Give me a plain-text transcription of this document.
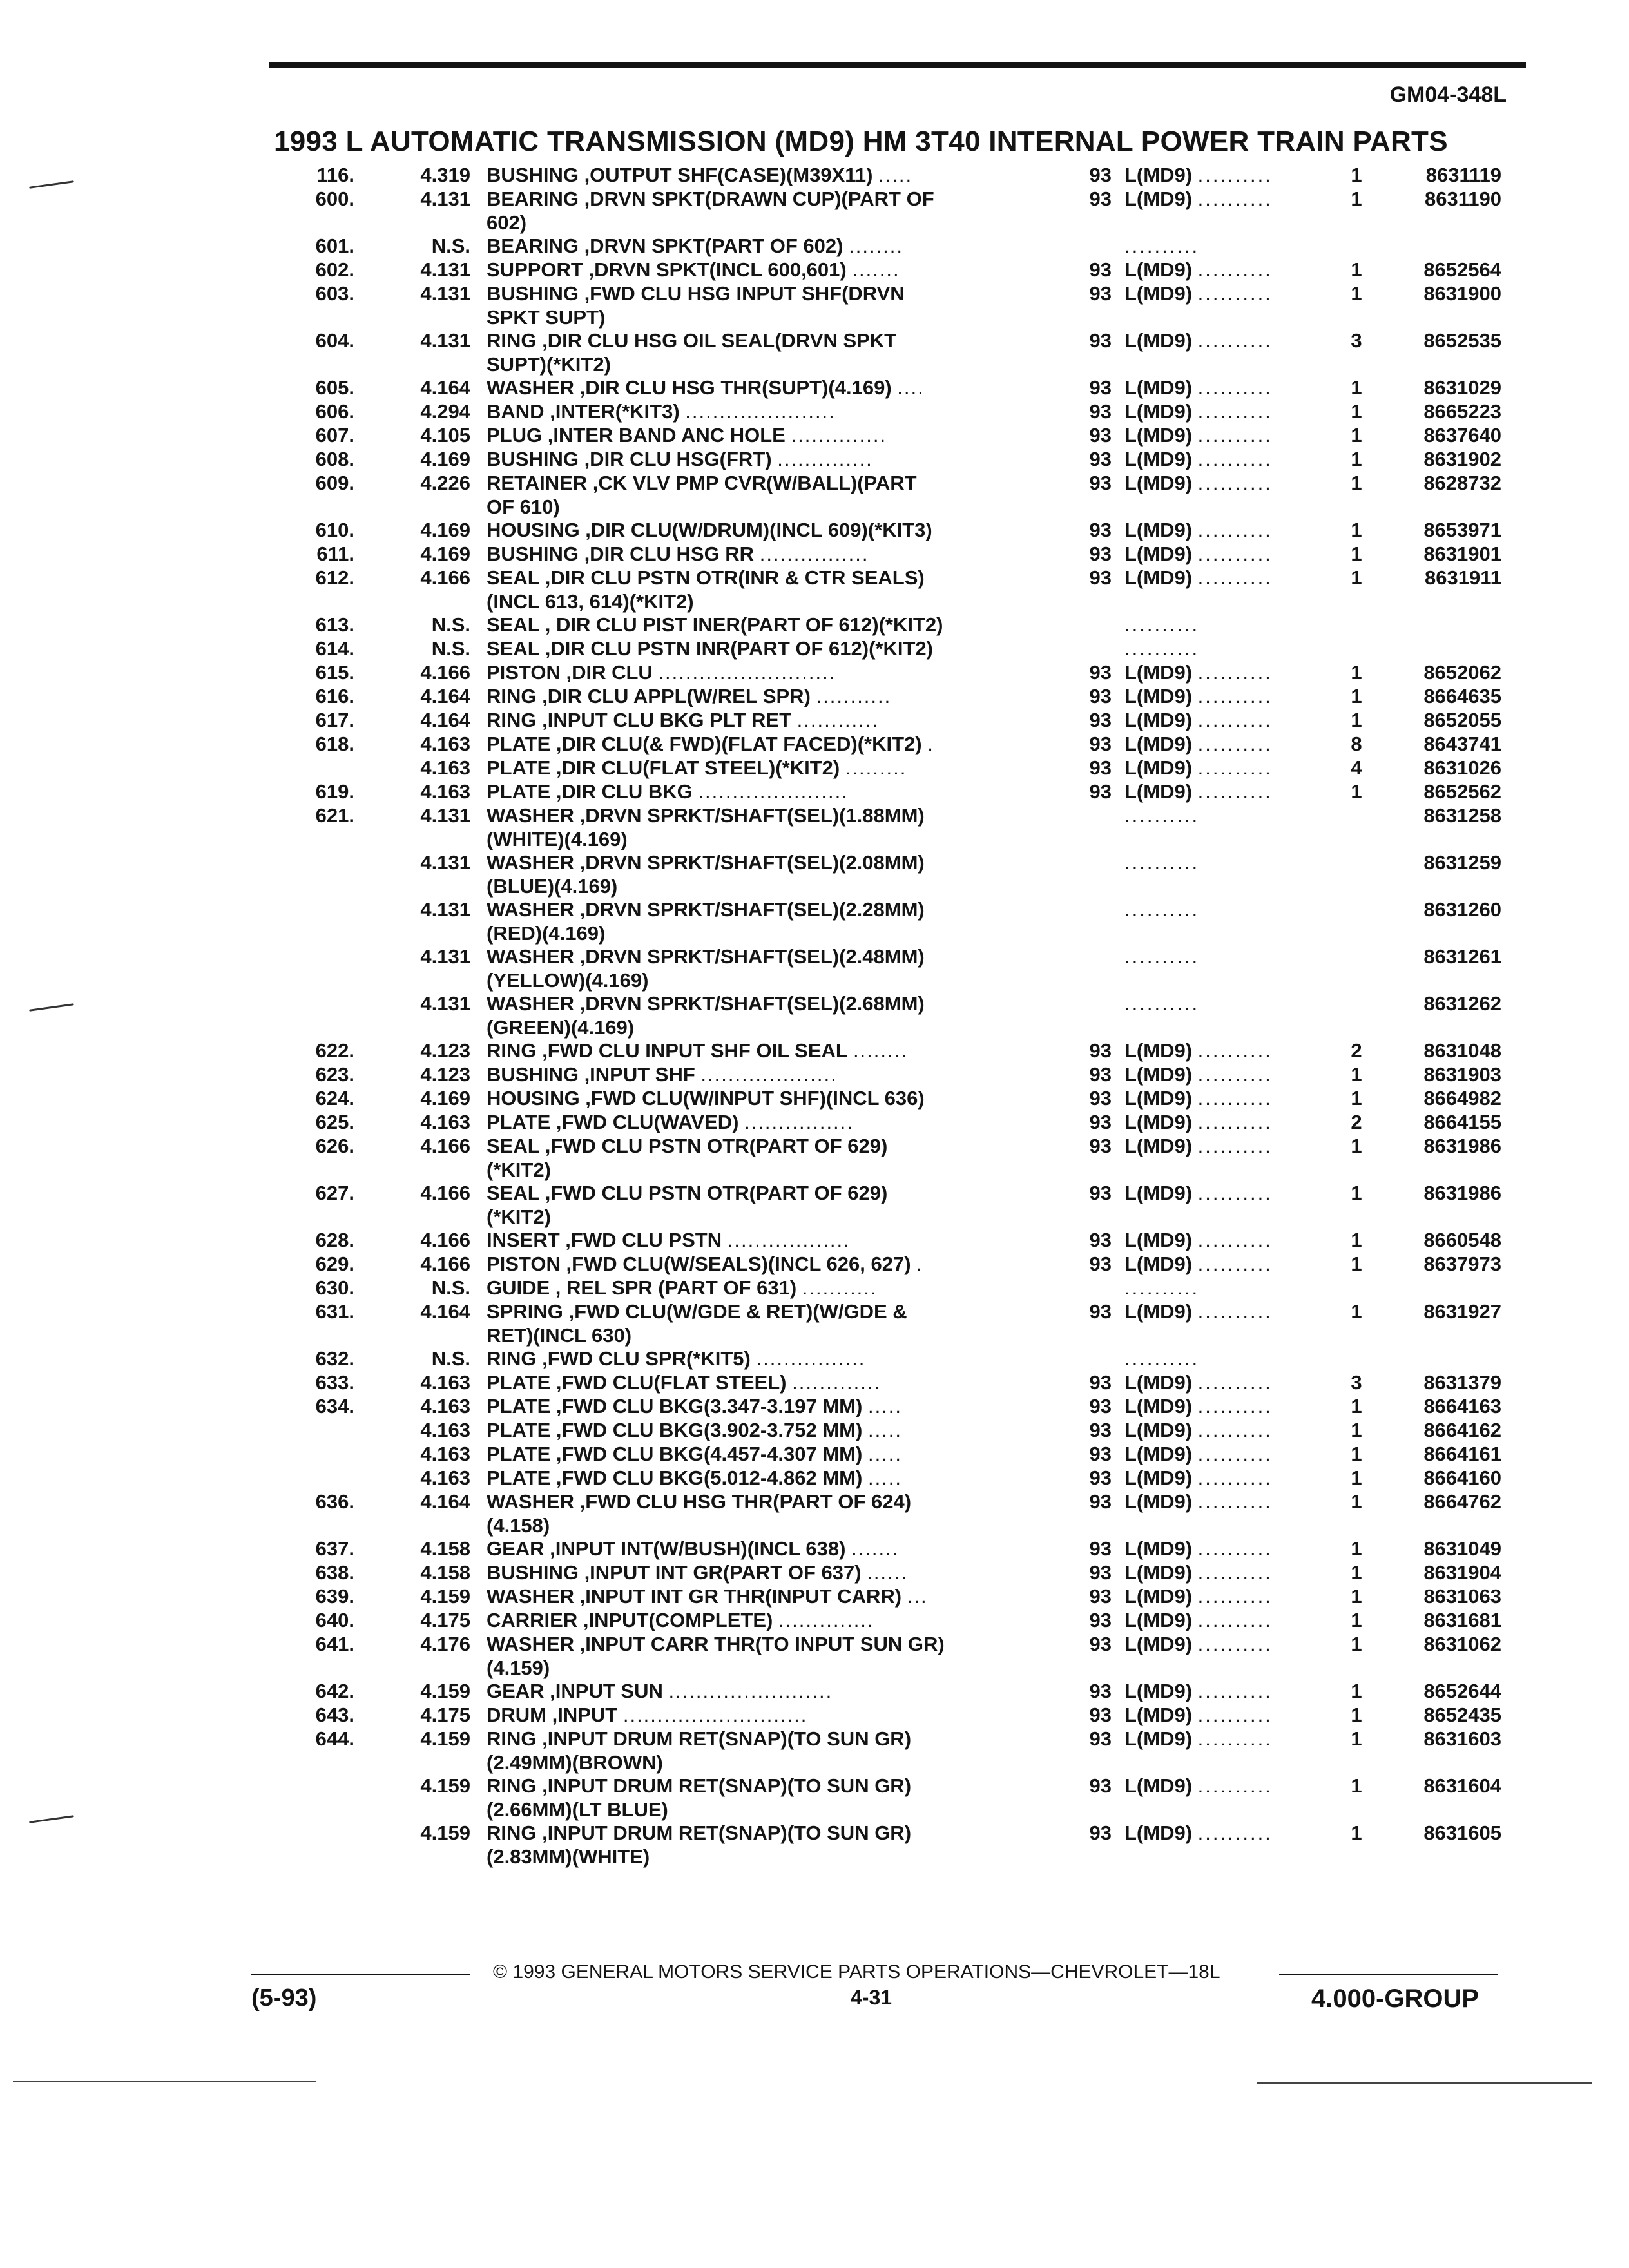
GM04-348L
1993 L AUTOMATIC TRANSMISSION (MD9) HM 3T40 INTERNAL POWER TRAIN PARTS
116.	4.319 BUSHING ,OUTPUT SHF(CASE)(M39X11) .....	93 L(MD9) ..........	1	8631119
600.	4.131 BEARING ,DRVN SPKT(DRAWN CUP)(PART OF	93 L(MD9) ..........	1	8631190
602)
601.	N.S. BEARING ,DRVN SPKT(PART OF 602) ........	..........
602.	4.131 SUPPORT ,DRVN SPKT(INCL 600,601) .......	93 L(MD9) ..........	1	8652564
603.	4.131 BUSHING ,FWD CLU HSG INPUT SHF(DRVN	93 L(MD9) ..........	1	8631900
SPKT SUPT)
604.	4.131 RING ,DIR CLU HSG OIL SEAL(DRVN SPKT	93 L(MD9) ..........	3	8652535
SUPT)(*KIT2)
605.	4.164 WASHER ,DIR CLU HSG THR(SUPT)(4.169) ....	93 L(MD9) ..........	1	8631029
606.	4.294 BAND ,INTER(*KIT3) ......................	93 L(MD9) ..........	1	8665223
607.	4.105 PLUG ,INTER BAND ANC HOLE ..............	93 L(MD9) ..........	1	8637640
608.	4.169 BUSHING ,DIR CLU HSG(FRT) ..............	93 L(MD9) ..........	1	8631902
609.	4.226 RETAINER ,CK VLV PMP CVR(W/BALL)(PART	93 L(MD9) ..........	1	8628732
OF 610)
610.	4.169 HOUSING ,DIR CLU(W/DRUM)(INCL 609)(*KIT3)	93 L(MD9) ..........	1	8653971
611.	4.169 BUSHING ,DIR CLU HSG RR ................	93 L(MD9) ..........	1	8631901
612.	4.166 SEAL ,DIR CLU PSTN OTR(INR & CTR SEALS)	93 L(MD9) ..........	1	8631911
(INCL 613, 614)(*KIT2)
613.	N.S. SEAL , DIR CLU PIST INER(PART OF 612)(*KIT2)	..........
614.	N.S. SEAL ,DIR CLU PSTN INR(PART OF 612)(*KIT2)	..........
615.	4.166 PISTON ,DIR CLU ..........................	93 L(MD9) ..........	1	8652062
616.	4.164 RING ,DIR CLU APPL(W/REL SPR) ...........	93 L(MD9) ..........	1	8664635
617.	4.164 RING ,INPUT CLU BKG PLT RET ............	93 L(MD9) ..........	1	8652055
618.	4.163 PLATE ,DIR CLU(& FWD)(FLAT FACED)(*KIT2) .	93 L(MD9) ..........	8	8643741
4.163 PLATE ,DIR CLU(FLAT STEEL)(*KIT2) .........	93 L(MD9) ..........	4	8631026
619.	4.163 PLATE ,DIR CLU BKG ......................	93 L(MD9) ..........	1	8652562
621.	4.131 WASHER ,DRVN SPRKT/SHAFT(SEL)(1.88MM)	..........	8631258
(WHITE)(4.169)
4.131 WASHER ,DRVN SPRKT/SHAFT(SEL)(2.08MM)	..........	8631259
(BLUE)(4.169)
4.131 WASHER ,DRVN SPRKT/SHAFT(SEL)(2.28MM)	..........	8631260
(RED)(4.169)
4.131 WASHER ,DRVN SPRKT/SHAFT(SEL)(2.48MM)	..........	8631261
(YELLOW)(4.169)
4.131 WASHER ,DRVN SPRKT/SHAFT(SEL)(2.68MM)	..........	8631262
(GREEN)(4.169)
622.	4.123 RING ,FWD CLU INPUT SHF OIL SEAL ........	93 L(MD9) ..........	2	8631048
623.	4.123 BUSHING ,INPUT SHF ....................	93 L(MD9) ..........	1	8631903
624.	4.169 HOUSING ,FWD CLU(W/INPUT SHF)(INCL 636)	93 L(MD9) ..........	1	8664982
625.	4.163 PLATE ,FWD CLU(WAVED) ................	93 L(MD9) ..........	2	8664155
626.	4.166 SEAL ,FWD CLU PSTN OTR(PART OF 629)	93 L(MD9) ..........	1	8631986
(*KIT2)
627.	4.166 SEAL ,FWD CLU PSTN OTR(PART OF 629)	93 L(MD9) ..........	1	8631986
(*KIT2)
628.	4.166 INSERT ,FWD CLU PSTN ..................	93 L(MD9) ..........	1	8660548
629.	4.166 PISTON ,FWD CLU(W/SEALS)(INCL 626, 627) .	93 L(MD9) ..........	1	8637973
630.	N.S. GUIDE , REL SPR (PART OF 631) ...........	..........
631.	4.164 SPRING ,FWD CLU(W/GDE & RET)(W/GDE &	93 L(MD9) ..........	1	8631927
RET)(INCL 630)
632.	N.S. RING ,FWD CLU SPR(*KIT5) ................	..........
633.	4.163 PLATE ,FWD CLU(FLAT STEEL) .............	93 L(MD9) ..........	3	8631379
634.	4.163 PLATE ,FWD CLU BKG(3.347-3.197 MM) .....	93 L(MD9) ..........	1	8664163
4.163 PLATE ,FWD CLU BKG(3.902-3.752 MM) .....	93 L(MD9) ..........	1	8664162
4.163 PLATE ,FWD CLU BKG(4.457-4.307 MM) .....	93 L(MD9) ..........	1	8664161
4.163 PLATE ,FWD CLU BKG(5.012-4.862 MM) .....	93 L(MD9) ..........	1	8664160
636.	4.164 WASHER ,FWD CLU HSG THR(PART OF 624)	93 L(MD9) ..........	1	8664762
(4.158)
637.	4.158 GEAR ,INPUT INT(W/BUSH)(INCL 638) .......	93 L(MD9) ..........	1	8631049
638.	4.158 BUSHING ,INPUT INT GR(PART OF 637) ......	93 L(MD9) ..........	1	8631904
639.	4.159 WASHER ,INPUT INT GR THR(INPUT CARR) ...	93 L(MD9) ..........	1	8631063
640.	4.175 CARRIER ,INPUT(COMPLETE) ..............	93 L(MD9) ..........	1	8631681
641.	4.176 WASHER ,INPUT CARR THR(TO INPUT SUN GR)	93 L(MD9) ..........	1	8631062
(4.159)
642.	4.159 GEAR ,INPUT SUN ........................	93 L(MD9) ..........	1	8652644
643.	4.175 DRUM ,INPUT ...........................	93 L(MD9) ..........	1	8652435
644.	4.159 RING ,INPUT DRUM RET(SNAP)(TO SUN GR)	93 L(MD9) ..........	1	8631603
(2.49MM)(BROWN)
4.159 RING ,INPUT DRUM RET(SNAP)(TO SUN GR)	93 L(MD9) ..........	1	8631604
(2.66MM)(LT BLUE)
4.159 RING ,INPUT DRUM RET(SNAP)(TO SUN GR)	93 L(MD9) ..........	1	8631605
(2.83MM)(WHITE)
© 1993 GENERAL MOTORS SERVICE PARTS OPERATIONS—CHEVROLET—18L
(5-93)	4-31	4.000-GROUP
